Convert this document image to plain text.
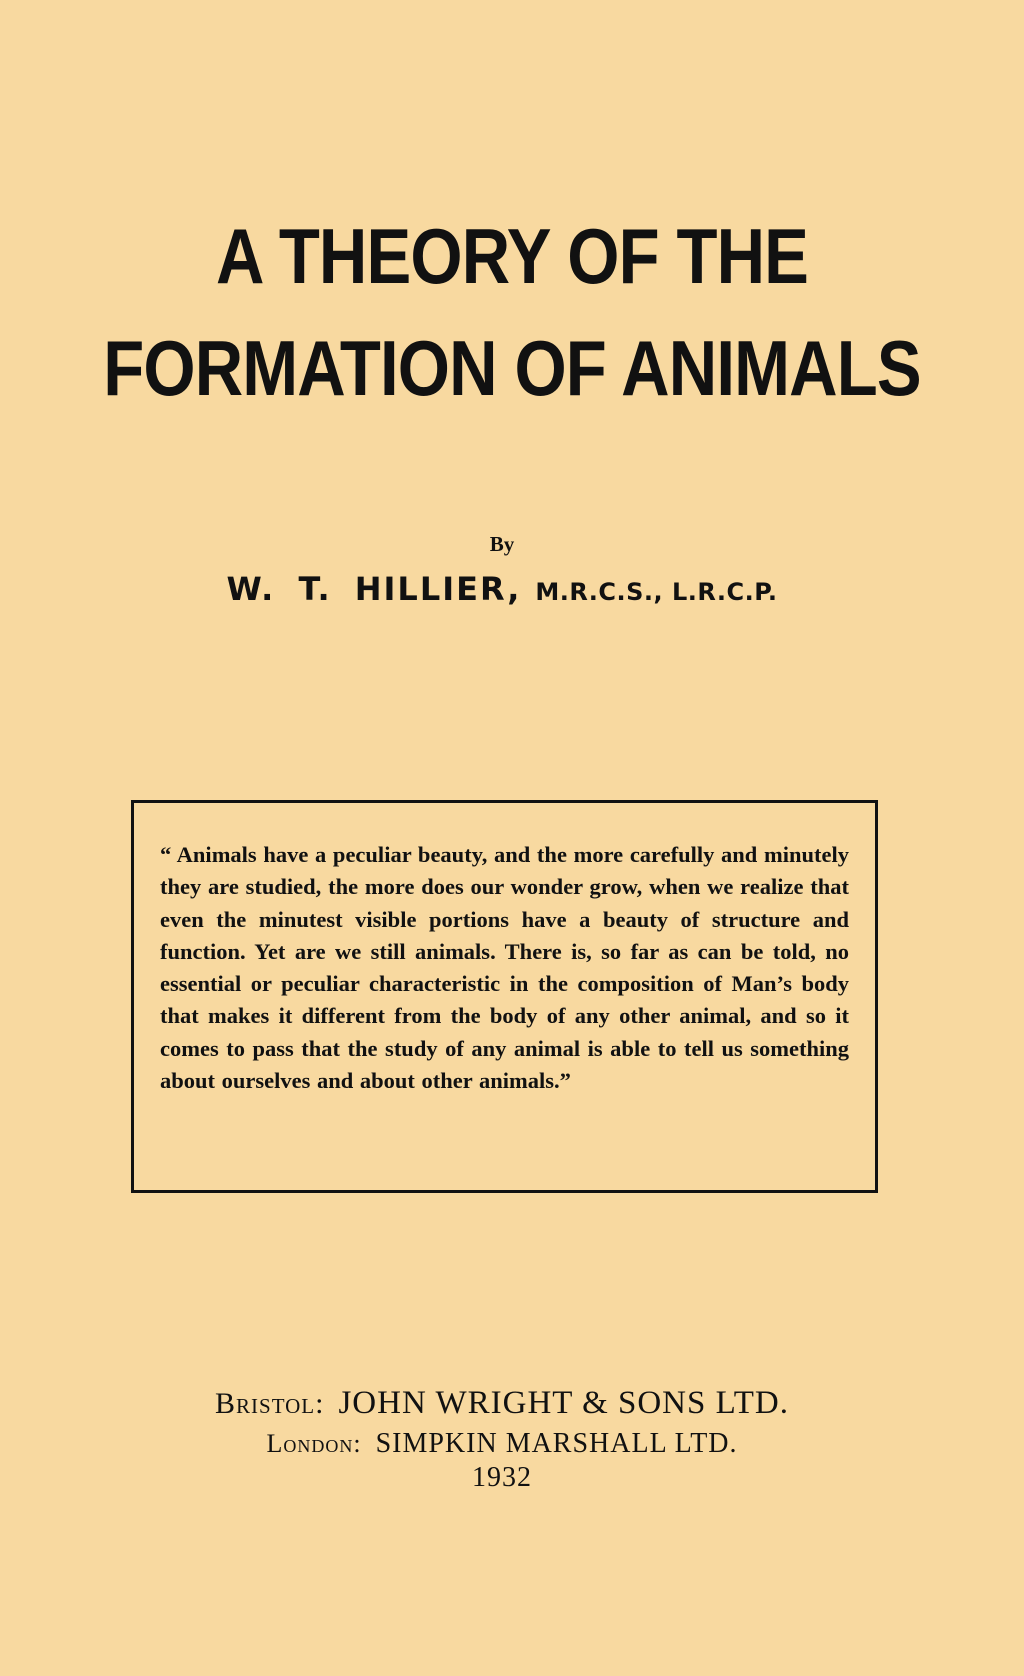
A THEORY OF THE
FORMATION OF ANIMALS
By
W. T. HILLIER, M.R.C.S., L.R.C.P.
“ Animals have a peculiar beauty, and the more carefully and minutely they are studied, the more does our wonder grow, when we realize that even the minutest visible portions have a beauty of structure and function. Yet are we still animals. There is, so far as can be told, no essential or peculiar characteristic in the composition of Man’s body that makes it different from the body of any other animal, and so it comes to pass that the study of any animal is able to tell us something about ourselves and about other animals.”
Bristol: JOHN WRIGHT & SONS LTD.
London: SIMPKIN MARSHALL LTD.
1932
